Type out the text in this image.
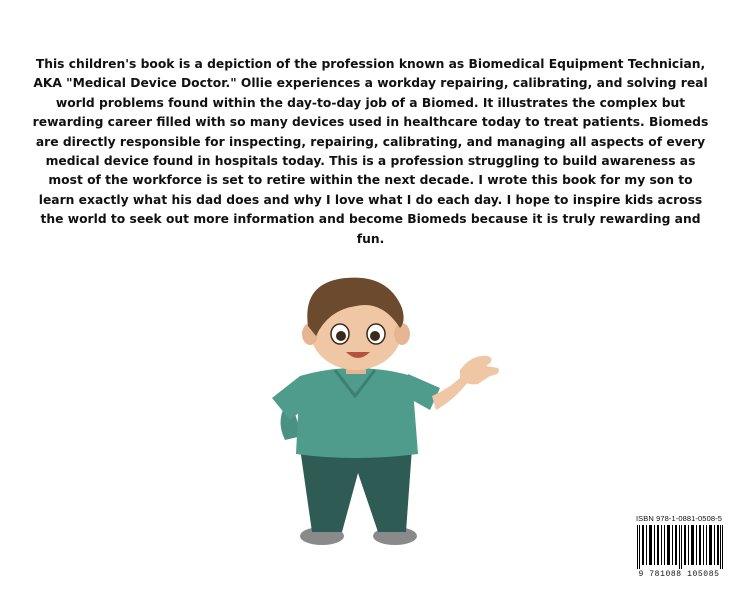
This children's book is a depiction of the profession known as Biomedical Equipment Technician, AKA "Medical Device Doctor." Ollie experiences a workday repairing, calibrating, and solving real world problems found within the day-to-day job of a Biomed. It illustrates the complex but rewarding career filled with so many devices used in healthcare today to treat patients. Biomeds are directly responsible for inspecting, repairing, calibrating, and managing all aspects of every medical device found in hospitals today. This is a profession struggling to build awareness as most of the workforce is set to retire within the next decade. I wrote this book for my son to learn exactly what his dad does and why I love what I do each day. I hope to inspire kids across the world to seek out more information and become Biomeds because it is truly rewarding and fun.

ISBN 978-1-0881-0508-5
9 781088 105085
